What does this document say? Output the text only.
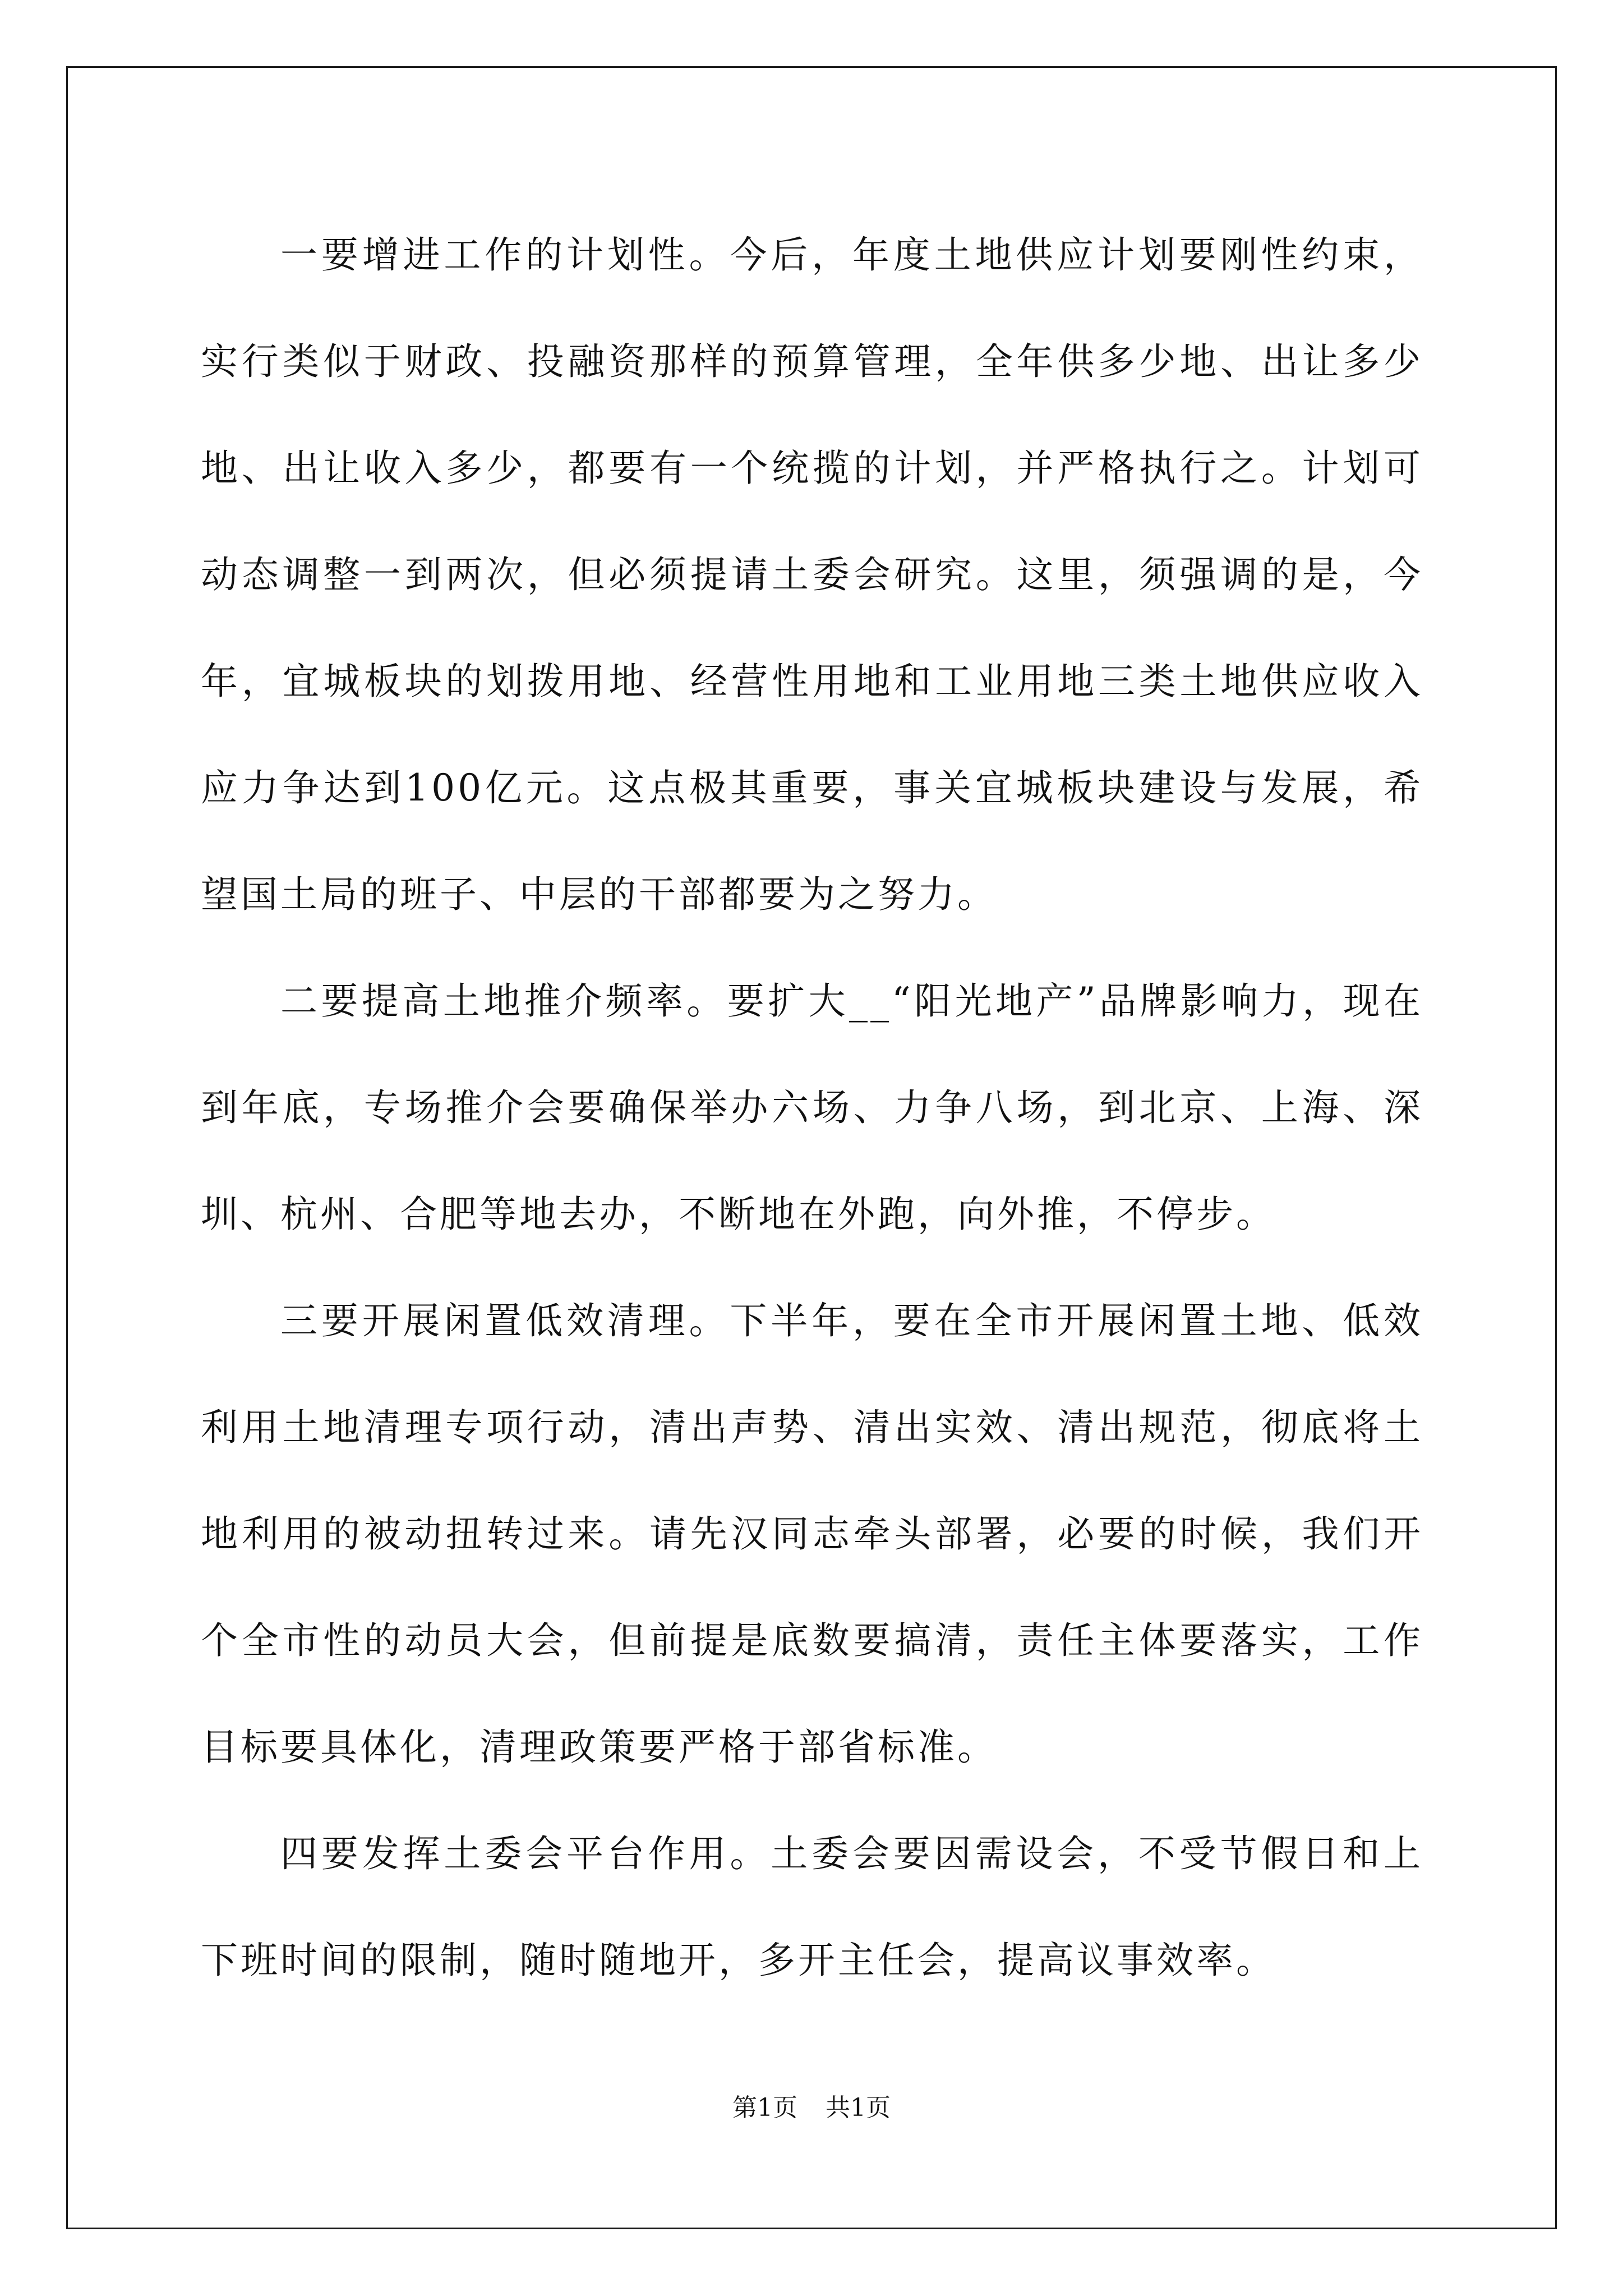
一要增进工作的计划性。今后，年度土地供应计划要刚性约束，实行类似于财政、投融资那样的预算管理，全年供多少地、出让多少地、出让收入多少，都要有一个统揽的计划，并严格执行之。计划可动态调整一到两次，但必须提请土委会研究。这里，须强调的是，今年，宜城板块的划拨用地、经营性用地和工业用地三类土地供应收入应力争达到100亿元。这点极其重要，事关宜城板块建设与发展，希望国土局的班子、中层的干部都要为之努力。

二要提高土地推介频率。要扩大__“阳光地产”品牌影响力，现在到年底，专场推介会要确保举办六场、力争八场，到北京、上海、深圳、杭州、合肥等地去办，不断地在外跑，向外推，不停步。

三要开展闲置低效清理。下半年，要在全市开展闲置土地、低效利用土地清理专项行动，清出声势、清出实效、清出规范，彻底将土地利用的被动扭转过来。请先汉同志牵头部署，必要的时候，我们开个全市性的动员大会，但前提是底数要搞清，责任主体要落实，工作目标要具体化，清理政策要严格于部省标准。

四要发挥土委会平台作用。土委会要因需设会，不受节假日和上下班时间的限制，随时随地开，多开主任会，提高议事效率。

第1页 共1页
